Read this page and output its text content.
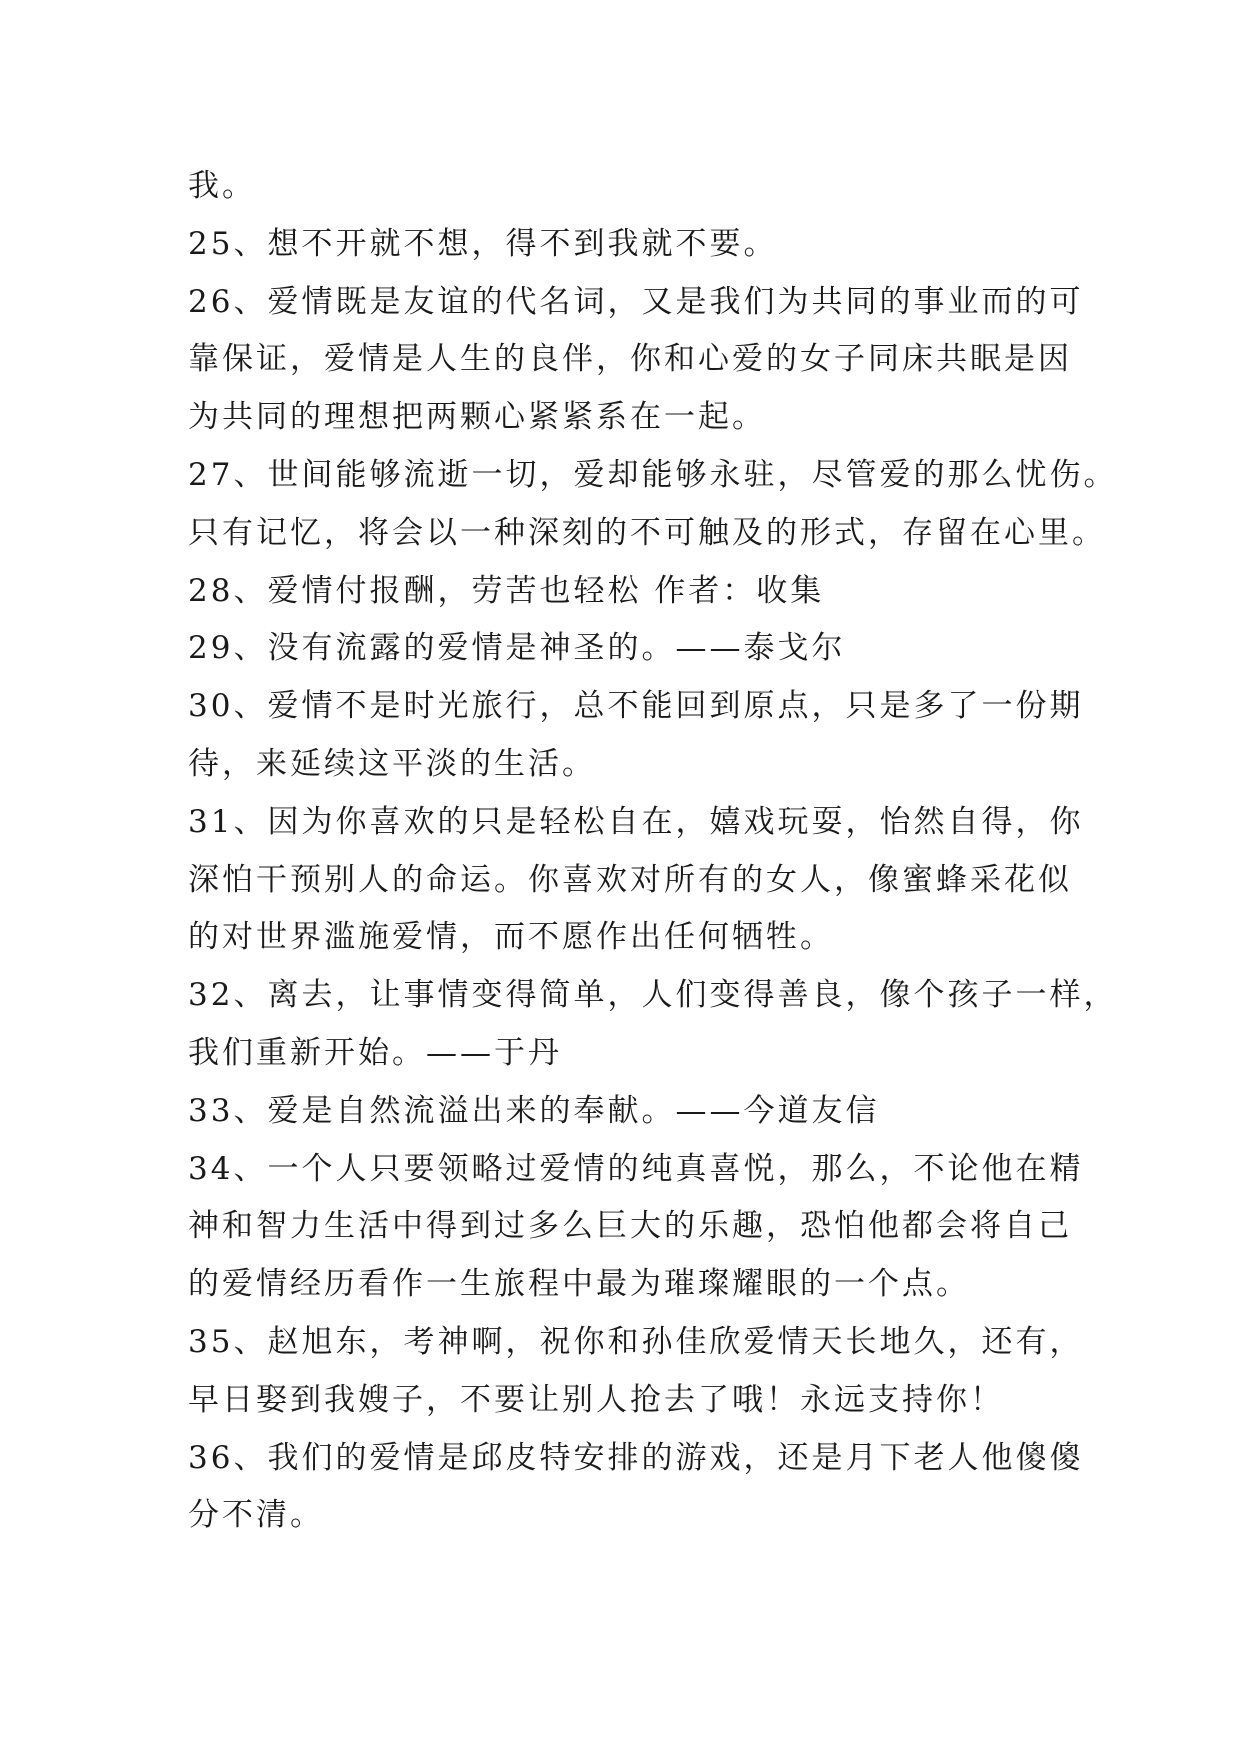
我。
25、想不开就不想，得不到我就不要。
26、爱情既是友谊的代名词，又是我们为共同的事业而的可
靠保证，爱情是人生的良伴，你和心爱的女子同床共眠是因
为共同的理想把两颗心紧紧系在一起。
27、世间能够流逝一切，爱却能够永驻，尽管爱的那么忧伤。
只有记忆，将会以一种深刻的不可触及的形式，存留在心里。
28、爱情付报酬，劳苦也轻松 作者：收集
29、没有流露的爱情是神圣的。——泰戈尔
30、爱情不是时光旅行，总不能回到原点，只是多了一份期
待，来延续这平淡的生活。
31、因为你喜欢的只是轻松自在，嬉戏玩耍，怡然自得，你
深怕干预别人的命运。你喜欢对所有的女人，像蜜蜂采花似
的对世界滥施爱情，而不愿作出任何牺牲。
32、离去，让事情变得简单，人们变得善良，像个孩子一样，
我们重新开始。——于丹
33、爱是自然流溢出来的奉献。——今道友信
34、一个人只要领略过爱情的纯真喜悦，那么，不论他在精
神和智力生活中得到过多么巨大的乐趣，恐怕他都会将自己
的爱情经历看作一生旅程中最为璀璨耀眼的一个点。
35、赵旭东，考神啊，祝你和孙佳欣爱情天长地久，还有，
早日娶到我嫂子，不要让别人抢去了哦！永远支持你！
36、我们的爱情是邱皮特安排的游戏，还是月下老人他傻傻
分不清。
